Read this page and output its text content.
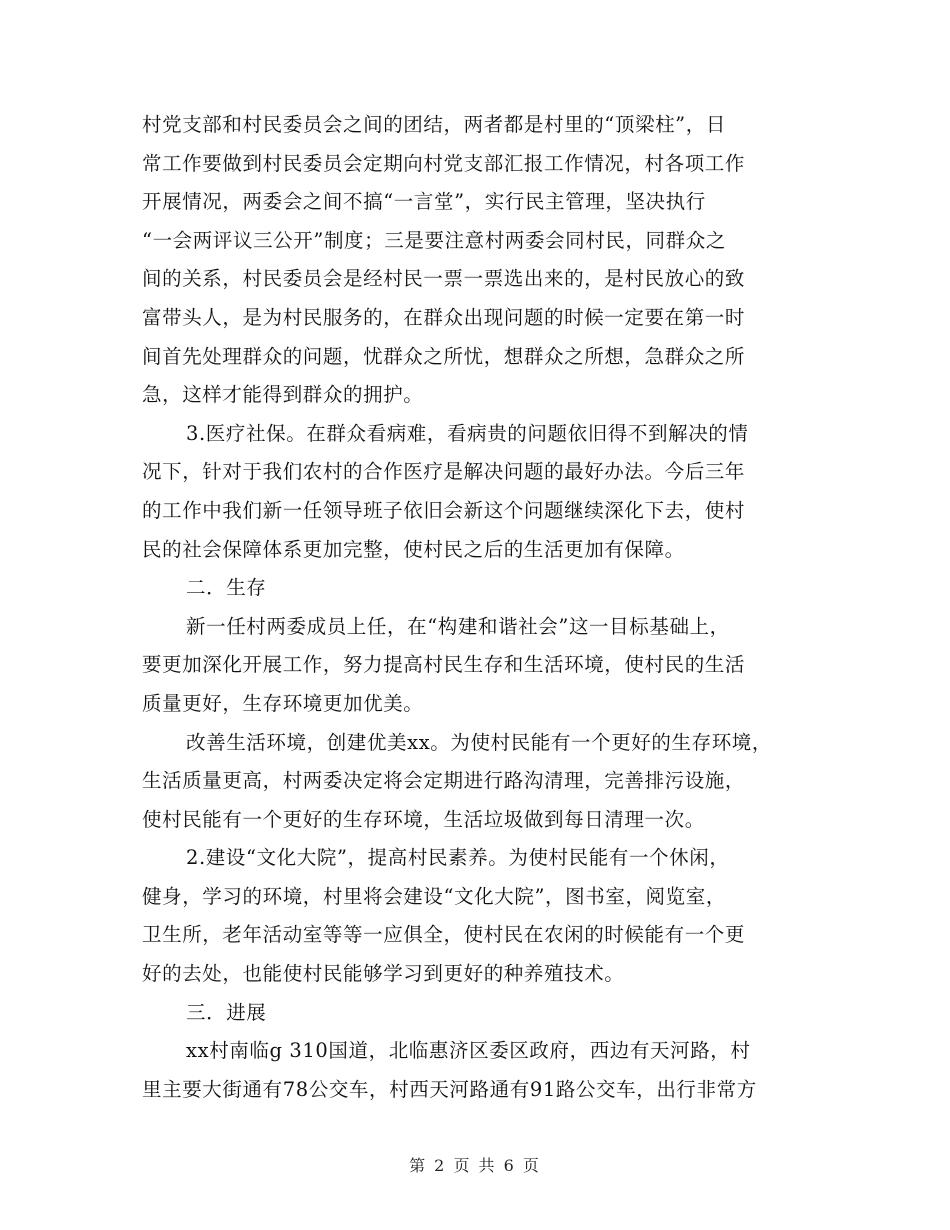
村党支部和村民委员会之间的团结，两者都是村里的“顶梁柱”，日
常工作要做到村民委员会定期向村党支部汇报工作情况，村各项工作
开展情况，两委会之间不搞“一言堂”，实行民主管理，坚决执行
“一会两评议三公开”制度；三是要注意村两委会同村民，同群众之
间的关系，村民委员会是经村民一票一票选出来的，是村民放心的致
富带头人，是为村民服务的，在群众出现问题的时候一定要在第一时
间首先处理群众的问题，忧群众之所忧，想群众之所想，急群众之所
急，这样才能得到群众的拥护。
3.医疗社保。在群众看病难，看病贵的问题依旧得不到解决的情
况下，针对于我们农村的合作医疗是解决问题的最好办法。今后三年
的工作中我们新一任领导班子依旧会新这个问题继续深化下去，使村
民的社会保障体系更加完整，使村民之后的生活更加有保障。
二．生存
新一任村两委成员上任，在“构建和谐社会”这一目标基础上，
要更加深化开展工作，努力提高村民生存和生活环境，使村民的生活
质量更好，生存环境更加优美。
改善生活环境，创建优美xx。为使村民能有一个更好的生存环境，
生活质量更高，村两委决定将会定期进行路沟清理，完善排污设施，
使村民能有一个更好的生存环境，生活垃圾做到每日清理一次。
2.建设“文化大院”，提高村民素养。为使村民能有一个休闲，
健身，学习的环境，村里将会建设“文化大院”，图书室，阅览室，
卫生所，老年活动室等等一应俱全，使村民在农闲的时候能有一个更
好的去处，也能使村民能够学习到更好的种养殖技术。
三．进展
xx村南临g 310国道，北临惠济区委区政府，西边有天河路，村
里主要大街通有78公交车，村西天河路通有91路公交车，出行非常方
第 2 页 共 6 页
